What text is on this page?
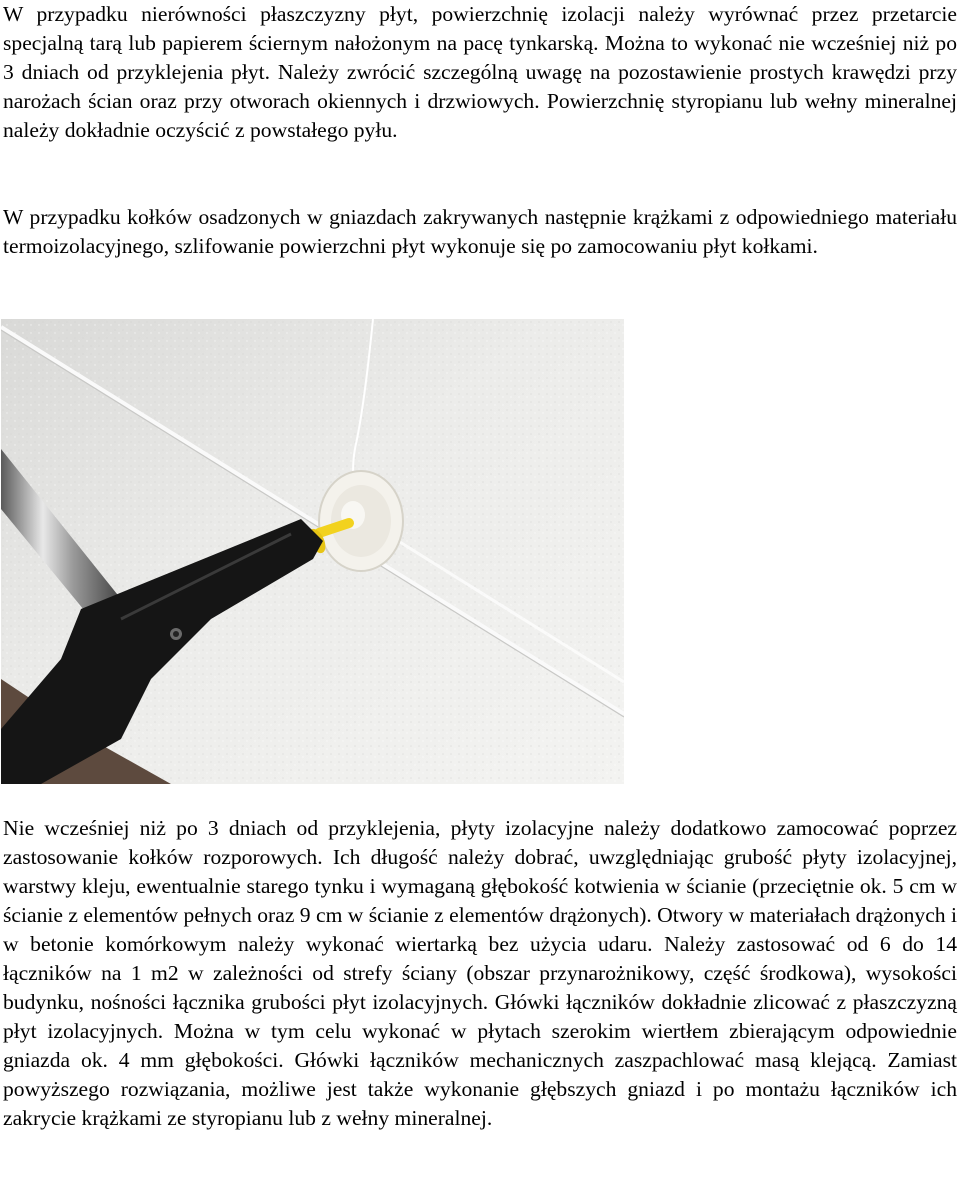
W przypadku nierówności płaszczyzny płyt, powierzchnię izolacji należy wyrównać przez przetarcie specjalną tarą lub papierem ściernym nałożonym na pacę tynkarską. Można to wykonać nie wcześniej niż po 3 dniach od przyklejenia płyt. Należy zwrócić szczególną uwagę na pozostawienie prostych krawędzi przy narożach ścian oraz przy otworach okiennych i drzwiowych. Powierzchnię styropianu lub wełny mineralnej należy dokładnie oczyścić z powstałego pyłu.

W przypadku kołków osadzonych w gniazdach zakrywanych następnie krążkami z odpowiedniego materiału termoizolacyjnego, szlifowanie powierzchni płyt wykonuje się po zamocowaniu płyt kołkami.

Nie wcześniej niż po 3 dniach od przyklejenia, płyty izolacyjne należy dodatkowo zamocować poprzez zastosowanie kołków rozporowych. Ich długość należy dobrać, uwzględniając grubość płyty izolacyjnej, warstwy kleju, ewentualnie starego tynku i wymaganą głębokość kotwienia w ścianie (przeciętnie ok. 5 cm w ścianie z elementów pełnych oraz 9 cm w ścianie z elementów drążonych). Otwory w materiałach drążonych i w betonie komórkowym należy wykonać wiertarką bez użycia udaru. Należy zastosować od 6 do 14 łączników na 1 m2 w zależności od strefy ściany (obszar przynarożnikowy, część środkowa), wysokości budynku, nośności łącznika grubości płyt izolacyjnych. Główki łączników dokładnie zlicować z płaszczyzną płyt izolacyjnych. Można w tym celu wykonać w płytach szerokim wiertłem zbierającym odpowiednie gniazda ok. 4 mm głębokości. Główki łączników mechanicznych zaszpachlować masą klejącą. Zamiast powyższego rozwiązania, możliwe jest także wykonanie głębszych gniazd i po montażu łączników ich zakrycie krążkami ze styropianu lub z wełny mineralnej.
